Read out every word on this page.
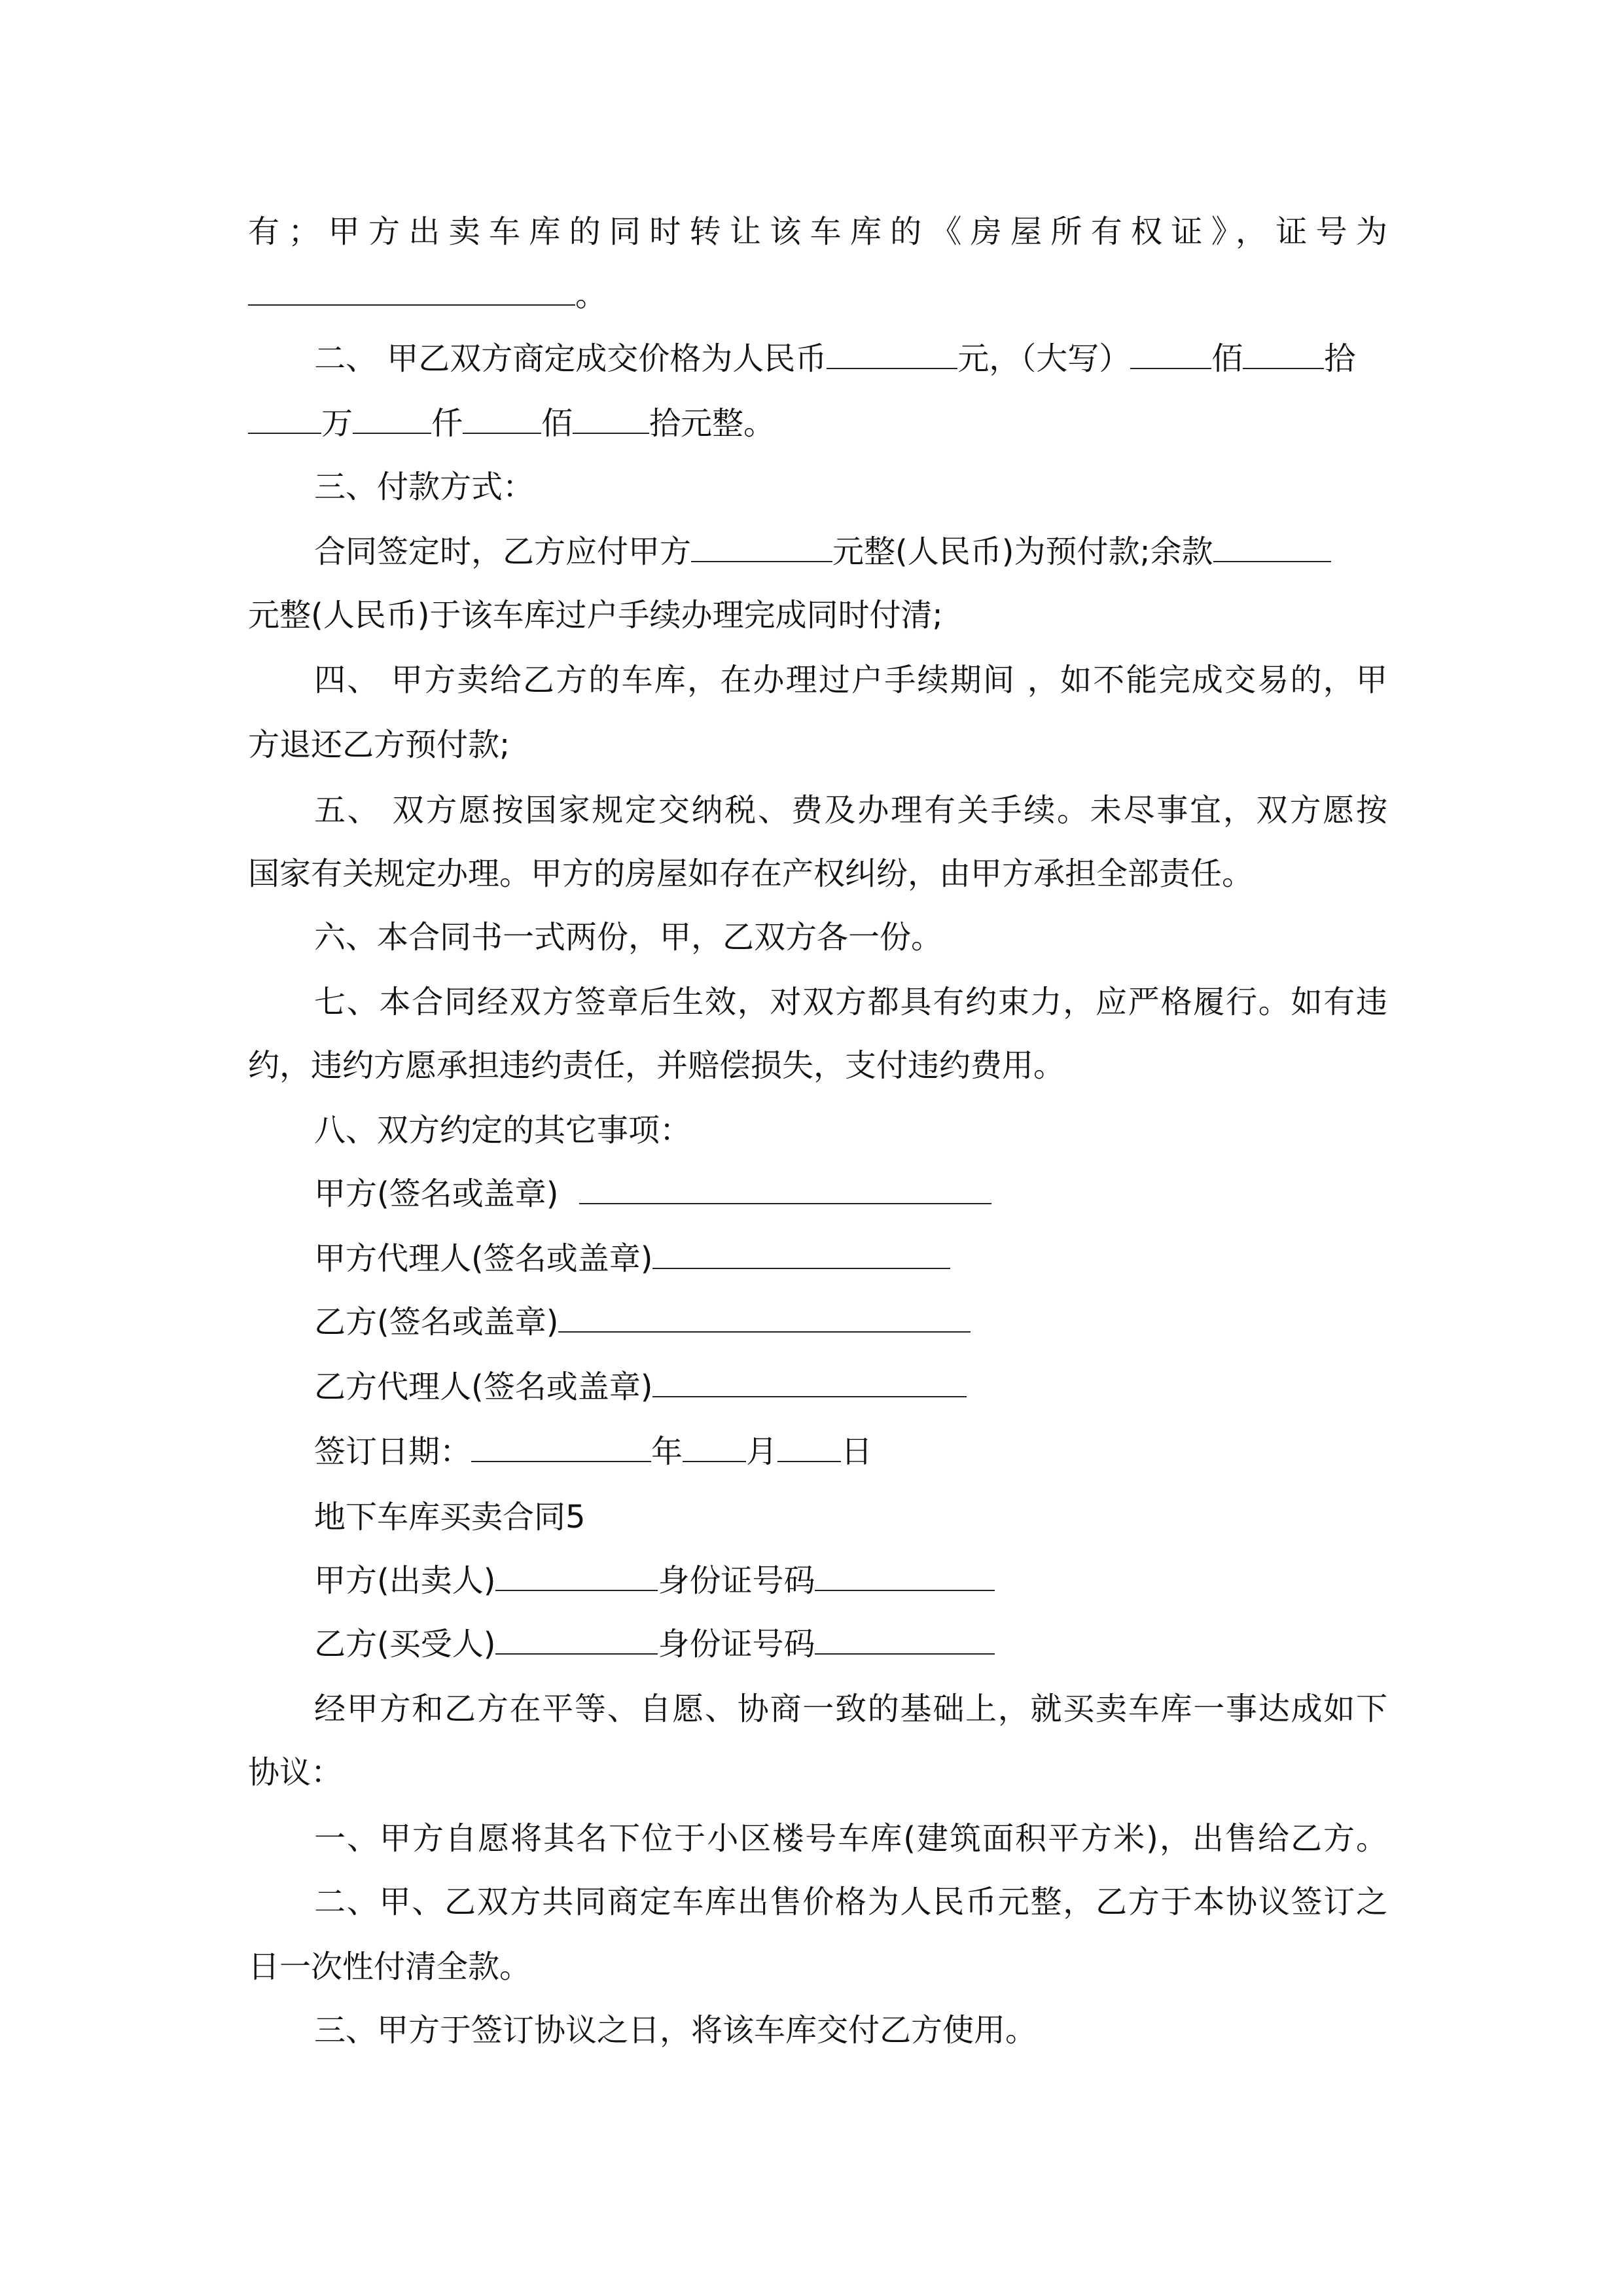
有；甲方出卖车库的同时转让该车库的《房屋所有权证》，证号为
。
二、 甲乙双方商定成交价格为人民币	元，（大写）	佰	拾
万	仟	佰 拾元整。
三、付款方式：
合同签定时，乙方应付甲方	元整(人民币)为预付款;余款
元整(人民币)于该车库过户手续办理完成同时付清;
四、 甲方卖给乙方的车库，在办理过户手续期间 ，如不能完成交易的，甲
方退还乙方预付款;
五、 双方愿按国家规定交纳税、费及办理有关手续。未尽事宜，双方愿按
国家有关规定办理。甲方的房屋如存在产权纠纷，由甲方承担全部责任。
六、本合同书一式两份，甲，乙双方各一份。
七、本合同经双方签章后生效，对双方都具有约束力，应严格履行。如有违
约，违约方愿承担违约责任，并赔偿损失，支付违约费用。
八、双方约定的其它事项：
甲方(签名或盖章)
甲方代理人(签名或盖章)
乙方(签名或盖章)
乙方代理人(签名或盖章)
签订日期：	年 月 日
地下车库买卖合同5
甲方(出卖人)	身份证号码
乙方(买受人)	身份证号码
经甲方和乙方在平等、自愿、协商一致的基础上，就买卖车库一事达成如下
协议：
一、甲方自愿将其名下位于小区楼号车库(建筑面积平方米)，出售给乙方。
二、甲、乙双方共同商定车库出售价格为人民币元整，乙方于本协议签订之
日一次性付清全款。
三、甲方于签订协议之日，将该车库交付乙方使用。
